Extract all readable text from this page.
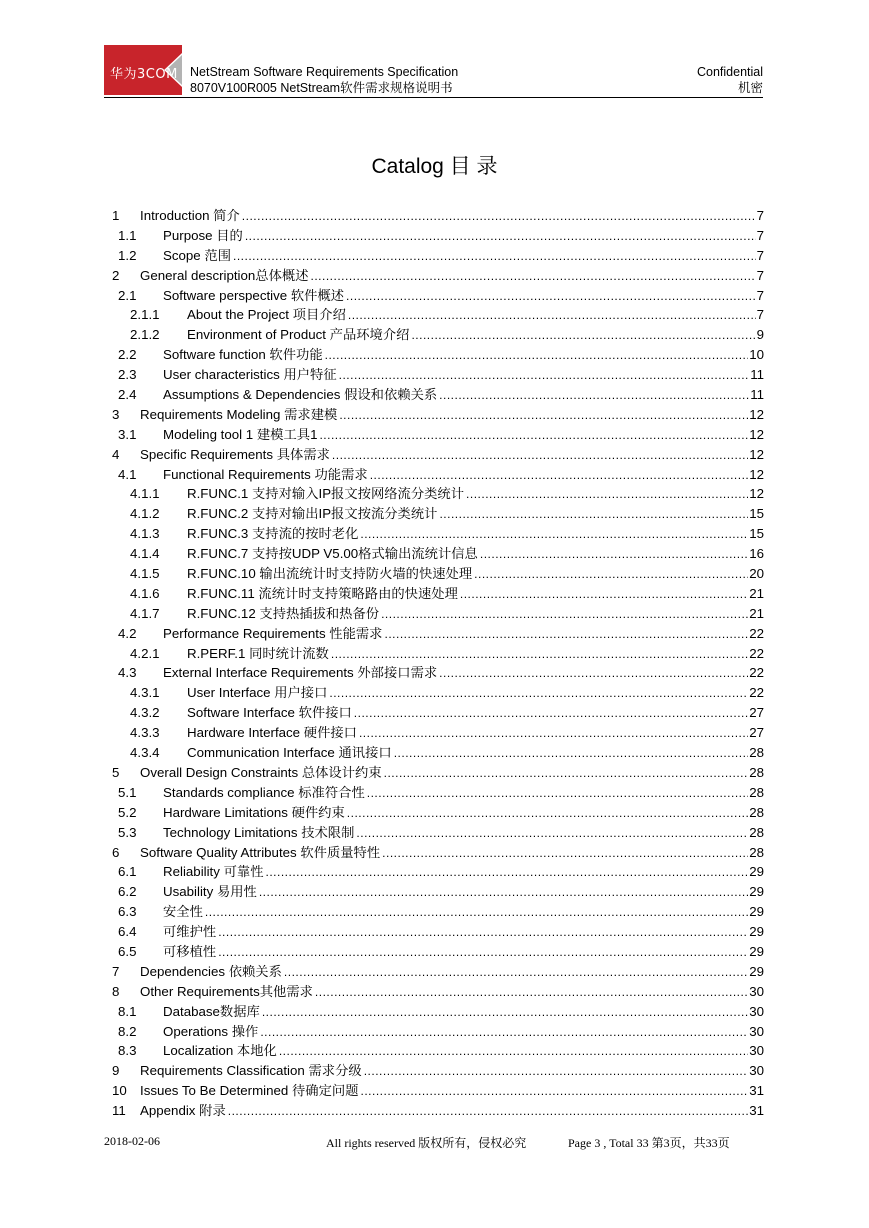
华为3COM NetStream Software Requirements Specification
8070V100R005 NetStream软件需求规格说明书
Confidential
机密
Catalog 目 录
1	Introduction 简介 .....	7
1.1	Purpose 目的 .....	7
1.2	Scope 范围 .....	7
2	General description总体概述 .....	7
2.1	Software perspective 软件概述 .....	7
2.1.1	About the Project 项目介绍 .....	7
2.1.2	Environment of Product 产品环境介绍 .....	9
2.2	Software function 软件功能 .....	10
2.3	User characteristics 用户特征 .....	11
2.4	Assumptions & Dependencies 假设和依赖关系 .....	11
3	Requirements Modeling 需求建模 .....	12
3.1	Modeling tool 1 建模工具1 .....	12
4	Specific Requirements 具体需求 .....	12
4.1	Functional Requirements 功能需求 .....	12
4.1.1	R.FUNC.1 支持对输入IP报文按网络流分类统计 .....	12
4.1.2	R.FUNC.2 支持对输出IP报文按流分类统计 .....	15
4.1.3	R.FUNC.3 支持流的按时老化 .....	15
4.1.4	R.FUNC.7 支持按UDP V5.00格式输出流统计信息 .....	16
4.1.5	R.FUNC.10 输出流统计时支持防火墙的快速处理 .....	20
4.1.6	R.FUNC.11 流统计时支持策略路由的快速处理 .....	21
4.1.7	R.FUNC.12 支持热插拔和热备份 .....	21
4.2	Performance Requirements 性能需求 .....	22
4.2.1	R.PERF.1 同时统计流数 .....	22
4.3	External Interface Requirements 外部接口需求 .....	22
4.3.1	User Interface 用户接口 .....	22
4.3.2	Software Interface 软件接口 .....	27
4.3.3	Hardware Interface 硬件接口 .....	27
4.3.4	Communication Interface 通讯接口 .....	28
5	Overall Design Constraints 总体设计约束 .....	28
5.1	Standards compliance 标准符合性 .....	28
5.2	Hardware Limitations 硬件约束 .....	28
5.3	Technology Limitations 技术限制 .....	28
6	Software Quality Attributes 软件质量特性 .....	28
6.1	Reliability 可靠性 .....	29
6.2	Usability 易用性 .....	29
6.3	安全性 .....	29
6.4	可维护性 .....	29
6.5	可移植性 .....	29
7	Dependencies 依赖关系 .....	29
8	Other Requirements其他需求 .....	30
8.1	Database数据库 .....	30
8.2	Operations 操作 .....	30
8.3	Localization 本地化 .....	30
9	Requirements Classification 需求分级 .....	30
10 Issues To Be Determined 待确定问题 .....	31
11	Appendix 附录 .....	31
2018-02-06	All rights reserved 版权所有，侵权必究	Page 3 , Total 33 第3页，共33页
